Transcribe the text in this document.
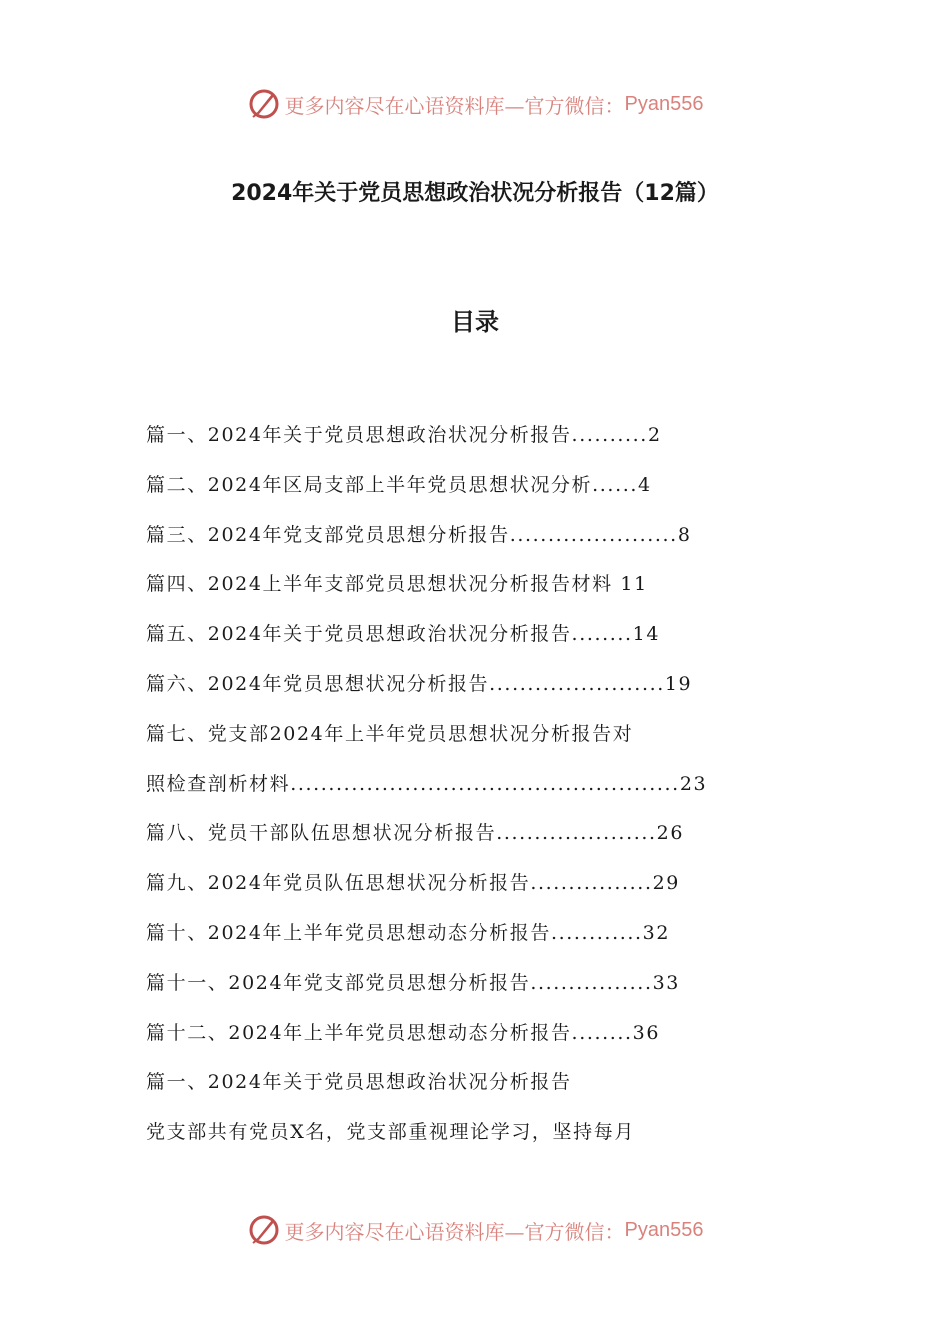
更多内容尽在心语资料库—官方微信： Pyan556
2024年关于党员思想政治状况分析报告（12篇）
目录
篇一、2024年关于党员思想政治状况分析报告..........2
篇二、2024年区局支部上半年党员思想状况分析......4
篇三、2024年党支部党员思想分析报告......................8
篇四、2024上半年支部党员思想状况分析报告材料 11
篇五、2024年关于党员思想政治状况分析报告........14
篇六、2024年党员思想状况分析报告.......................19
篇七、党支部2024年上半年党员思想状况分析报告对
照检查剖析材料...................................................23
篇八、党员干部队伍思想状况分析报告.....................26
篇九、2024年党员队伍思想状况分析报告................29
篇十、2024年上半年党员思想动态分析报告............32
篇十一、2024年党支部党员思想分析报告................33
篇十二、2024年上半年党员思想动态分析报告........36
篇一、2024年关于党员思想政治状况分析报告
党支部共有党员X名，党支部重视理论学习，坚持每月
更多内容尽在心语资料库—官方微信： Pyan556
